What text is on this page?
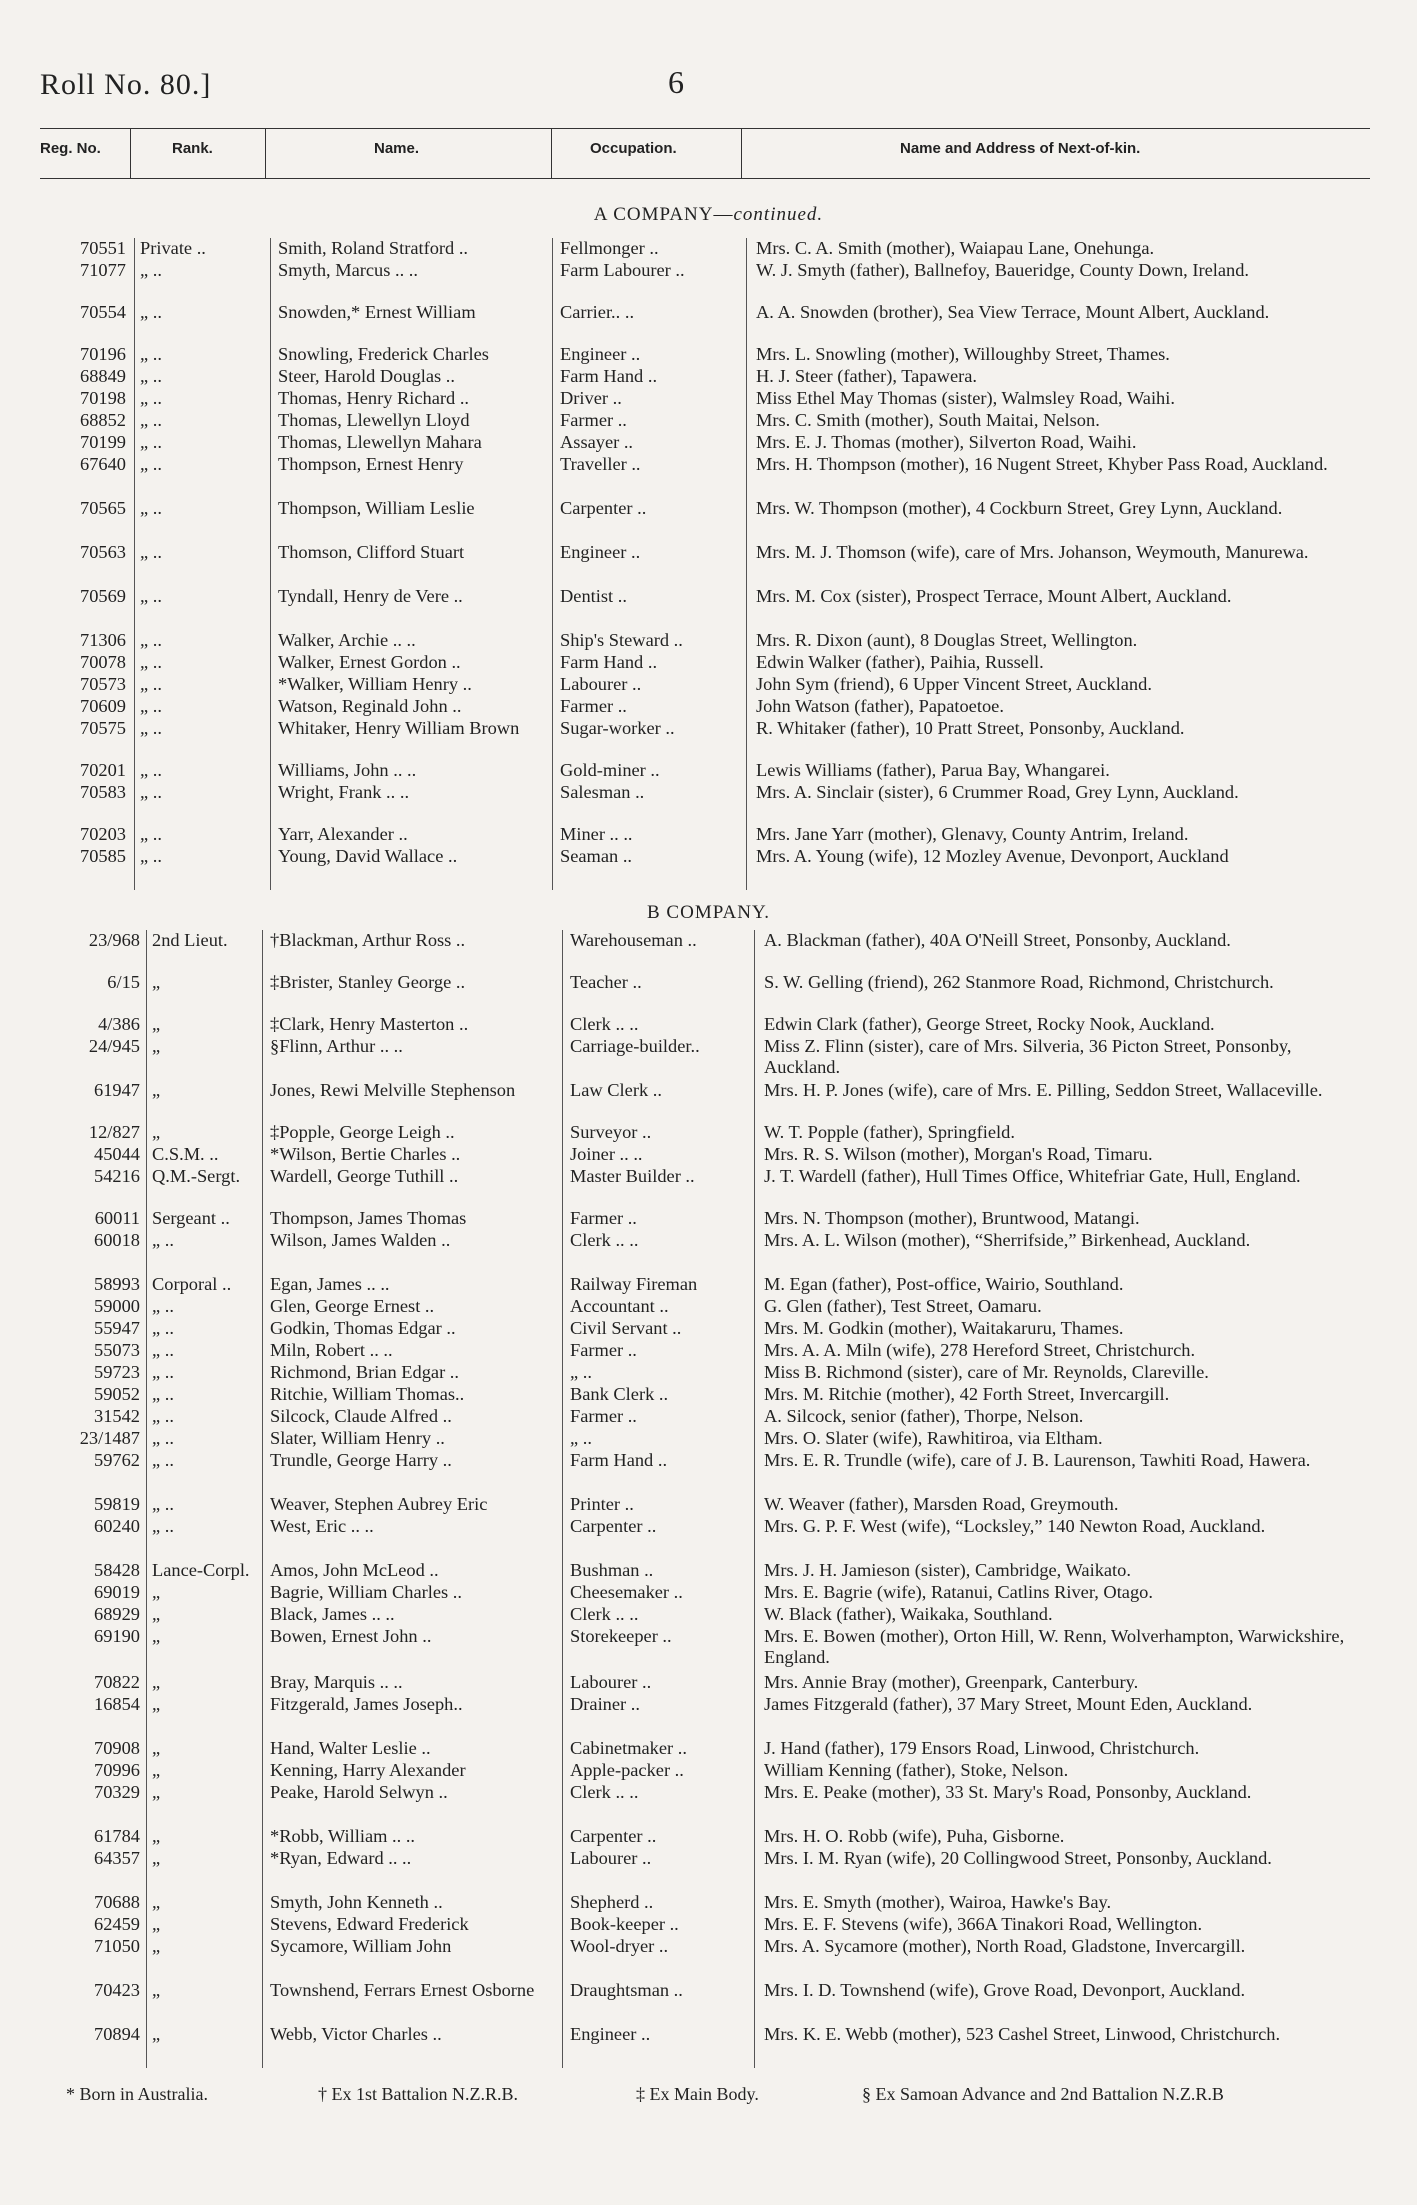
Roll No. 80.]	6
Reg. No.	Rank.	Name.	Occupation.	Name and Address of Next-of-kin.
A COMPANY—continued.
70551 Private ..	Smith, Roland Stratford ..	Fellmonger ..	Mrs. C. A. Smith (mother), Waiapau Lane, Onehunga.
71077 „ ..	Smyth, Marcus .. ..	Farm Labourer ..	W. J. Smyth (father), Ballnefoy, Baueridge, County Down, Ireland.
70554 „ ..	Snowden,* Ernest William	Carrier.. ..	A. A. Snowden (brother), Sea View Terrace, Mount Albert, Auckland.
70196 „ ..	Snowling, Frederick Charles	Engineer ..	Mrs. L. Snowling (mother), Willoughby Street, Thames.
68849 „ ..	Steer, Harold Douglas ..	Farm Hand ..	H. J. Steer (father), Tapawera.
70198 „ ..	Thomas, Henry Richard ..	Driver ..	Miss Ethel May Thomas (sister), Walmsley Road, Waihi.
68852 „ ..	Thomas, Llewellyn Lloyd	Farmer ..	Mrs. C. Smith (mother), South Maitai, Nelson.
70199 „ ..	Thomas, Llewellyn Mahara	Assayer ..	Mrs. E. J. Thomas (mother), Silverton Road, Waihi.
67640 „ ..	Thompson, Ernest Henry	Traveller ..	Mrs. H. Thompson (mother), 16 Nugent Street, Khyber Pass Road, Auckland.
70565 „ ..	Thompson, William Leslie	Carpenter ..	Mrs. W. Thompson (mother), 4 Cockburn Street, Grey Lynn, Auckland.
70563 „ ..	Thomson, Clifford Stuart	Engineer ..	Mrs. M. J. Thomson (wife), care of Mrs. Johanson, Weymouth, Manurewa.
70569 „ ..	Tyndall, Henry de Vere ..	Dentist ..	Mrs. M. Cox (sister), Prospect Terrace, Mount Albert, Auckland.
71306 „ ..	Walker, Archie .. ..	Ship's Steward ..	Mrs. R. Dixon (aunt), 8 Douglas Street, Wellington.
70078 „ ..	Walker, Ernest Gordon ..	Farm Hand ..	Edwin Walker (father), Paihia, Russell.
70573 „ ..	*Walker, William Henry ..	Labourer ..	John Sym (friend), 6 Upper Vincent Street, Auckland.
70609 „ ..	Watson, Reginald John ..	Farmer ..	John Watson (father), Papatoetoe.
70575 „ ..	Whitaker, Henry William Brown	Sugar-worker ..	R. Whitaker (father), 10 Pratt Street, Ponsonby, Auckland.
70201 „ ..	Williams, John .. ..	Gold-miner ..	Lewis Williams (father), Parua Bay, Whangarei.
70583 „ ..	Wright, Frank .. ..	Salesman ..	Mrs. A. Sinclair (sister), 6 Crummer Road, Grey Lynn, Auckland.
70203 „ ..	Yarr, Alexander ..	Miner .. ..	Mrs. Jane Yarr (mother), Glenavy, County Antrim, Ireland.
70585 „ ..	Young, David Wallace ..	Seaman ..	Mrs. A. Young (wife), 12 Mozley Avenue, Devonport, Auckland
B COMPANY.
23/968 2nd Lieut.	†Blackman, Arthur Ross ..	Warehouseman ..	A. Blackman (father), 40A O'Neill Street, Ponsonby, Auckland.
6/15 „	‡Brister, Stanley George ..	Teacher ..	S. W. Gelling (friend), 262 Stanmore Road, Richmond, Christchurch.
4/386 „	‡Clark, Henry Masterton ..	Clerk .. ..	Edwin Clark (father), George Street, Rocky Nook, Auckland.
24/945 „	§Flinn, Arthur .. ..	Carriage-builder..	Miss Z. Flinn (sister), care of Mrs. Silveria, 36 Picton Street, Ponsonby, Auckland.
61947 „	Jones, Rewi Melville Stephenson	Law Clerk ..	Mrs. H. P. Jones (wife), care of Mrs. E. Pilling, Seddon Street, Wallaceville.
12/827 „	‡Popple, George Leigh ..	Surveyor ..	W. T. Popple (father), Springfield.
45044 C.S.M. ..	*Wilson, Bertie Charles ..	Joiner .. ..	Mrs. R. S. Wilson (mother), Morgan's Road, Timaru.
54216 Q.M.-Sergt.	Wardell, George Tuthill ..	Master Builder ..	J. T. Wardell (father), Hull Times Office, Whitefriar Gate, Hull, England.
60011 Sergeant ..	Thompson, James Thomas	Farmer ..	Mrs. N. Thompson (mother), Bruntwood, Matangi.
60018 „ ..	Wilson, James Walden ..	Clerk .. ..	Mrs. A. L. Wilson (mother), “Sherrifside,” Birkenhead, Auckland.
58993 Corporal ..	Egan, James .. ..	Railway Fireman	M. Egan (father), Post-office, Wairio, Southland.
59000 „ ..	Glen, George Ernest ..	Accountant ..	G. Glen (father), Test Street, Oamaru.
55947 „ ..	Godkin, Thomas Edgar ..	Civil Servant ..	Mrs. M. Godkin (mother), Waitakaruru, Thames.
55073 „ ..	Miln, Robert .. ..	Farmer ..	Mrs. A. A. Miln (wife), 278 Hereford Street, Christchurch.
59723 „ ..	Richmond, Brian Edgar ..	„ ..	Miss B. Richmond (sister), care of Mr. Reynolds, Clareville.
59052 „ ..	Ritchie, William Thomas..	Bank Clerk ..	Mrs. M. Ritchie (mother), 42 Forth Street, Invercargill.
31542 „ ..	Silcock, Claude Alfred ..	Farmer ..	A. Silcock, senior (father), Thorpe, Nelson.
23/1487 „ ..	Slater, William Henry ..	„ ..	Mrs. O. Slater (wife), Rawhitiroa, via Eltham.
59762 „ ..	Trundle, George Harry ..	Farm Hand ..	Mrs. E. R. Trundle (wife), care of J. B. Laurenson, Tawhiti Road, Hawera.
59819 „ ..	Weaver, Stephen Aubrey Eric	Printer ..	W. Weaver (father), Marsden Road, Greymouth.
60240 „ ..	West, Eric .. ..	Carpenter ..	Mrs. G. P. F. West (wife), “Locksley,” 140 Newton Road, Auckland.
58428 Lance-Corpl.	Amos, John McLeod ..	Bushman ..	Mrs. J. H. Jamieson (sister), Cambridge, Waikato.
69019 „	Bagrie, William Charles ..	Cheesemaker ..	Mrs. E. Bagrie (wife), Ratanui, Catlins River, Otago.
68929 „	Black, James .. ..	Clerk .. ..	W. Black (father), Waikaka, Southland.
69190 „	Bowen, Ernest John ..	Storekeeper ..	Mrs. E. Bowen (mother), Orton Hill, W. Renn, Wolverhampton, Warwickshire, England.
70822 „	Bray, Marquis .. ..	Labourer ..	Mrs. Annie Bray (mother), Greenpark, Canterbury.
16854 „	Fitzgerald, James Joseph..	Drainer ..	James Fitzgerald (father), 37 Mary Street, Mount Eden, Auckland.
70908 „	Hand, Walter Leslie ..	Cabinetmaker ..	J. Hand (father), 179 Ensors Road, Linwood, Christchurch.
70996 „	Kenning, Harry Alexander	Apple-packer ..	William Kenning (father), Stoke, Nelson.
70329 „	Peake, Harold Selwyn ..	Clerk .. ..	Mrs. E. Peake (mother), 33 St. Mary's Road, Ponsonby, Auckland.
61784 „	*Robb, William .. ..	Carpenter ..	Mrs. H. O. Robb (wife), Puha, Gisborne.
64357 „	*Ryan, Edward .. ..	Labourer ..	Mrs. I. M. Ryan (wife), 20 Collingwood Street, Ponsonby, Auckland.
70688 „	Smyth, John Kenneth ..	Shepherd ..	Mrs. E. Smyth (mother), Wairoa, Hawke's Bay.
62459 „	Stevens, Edward Frederick	Book-keeper ..	Mrs. E. F. Stevens (wife), 366A Tinakori Road, Wellington.
71050 „	Sycamore, William John	Wool-dryer ..	Mrs. A. Sycamore (mother), North Road, Gladstone, Invercargill.
70423 „	Townshend, Ferrars Ernest Osborne	Draughtsman ..	Mrs. I. D. Townshend (wife), Grove Road, Devonport, Auckland.
70894 „	Webb, Victor Charles ..	Engineer ..	Mrs. K. E. Webb (mother), 523 Cashel Street, Linwood, Christchurch.
* Born in Australia.	† Ex 1st Battalion N.Z.R.B.	‡ Ex Main Body.	§ Ex Samoan Advance and 2nd Battalion N.Z.R.B
